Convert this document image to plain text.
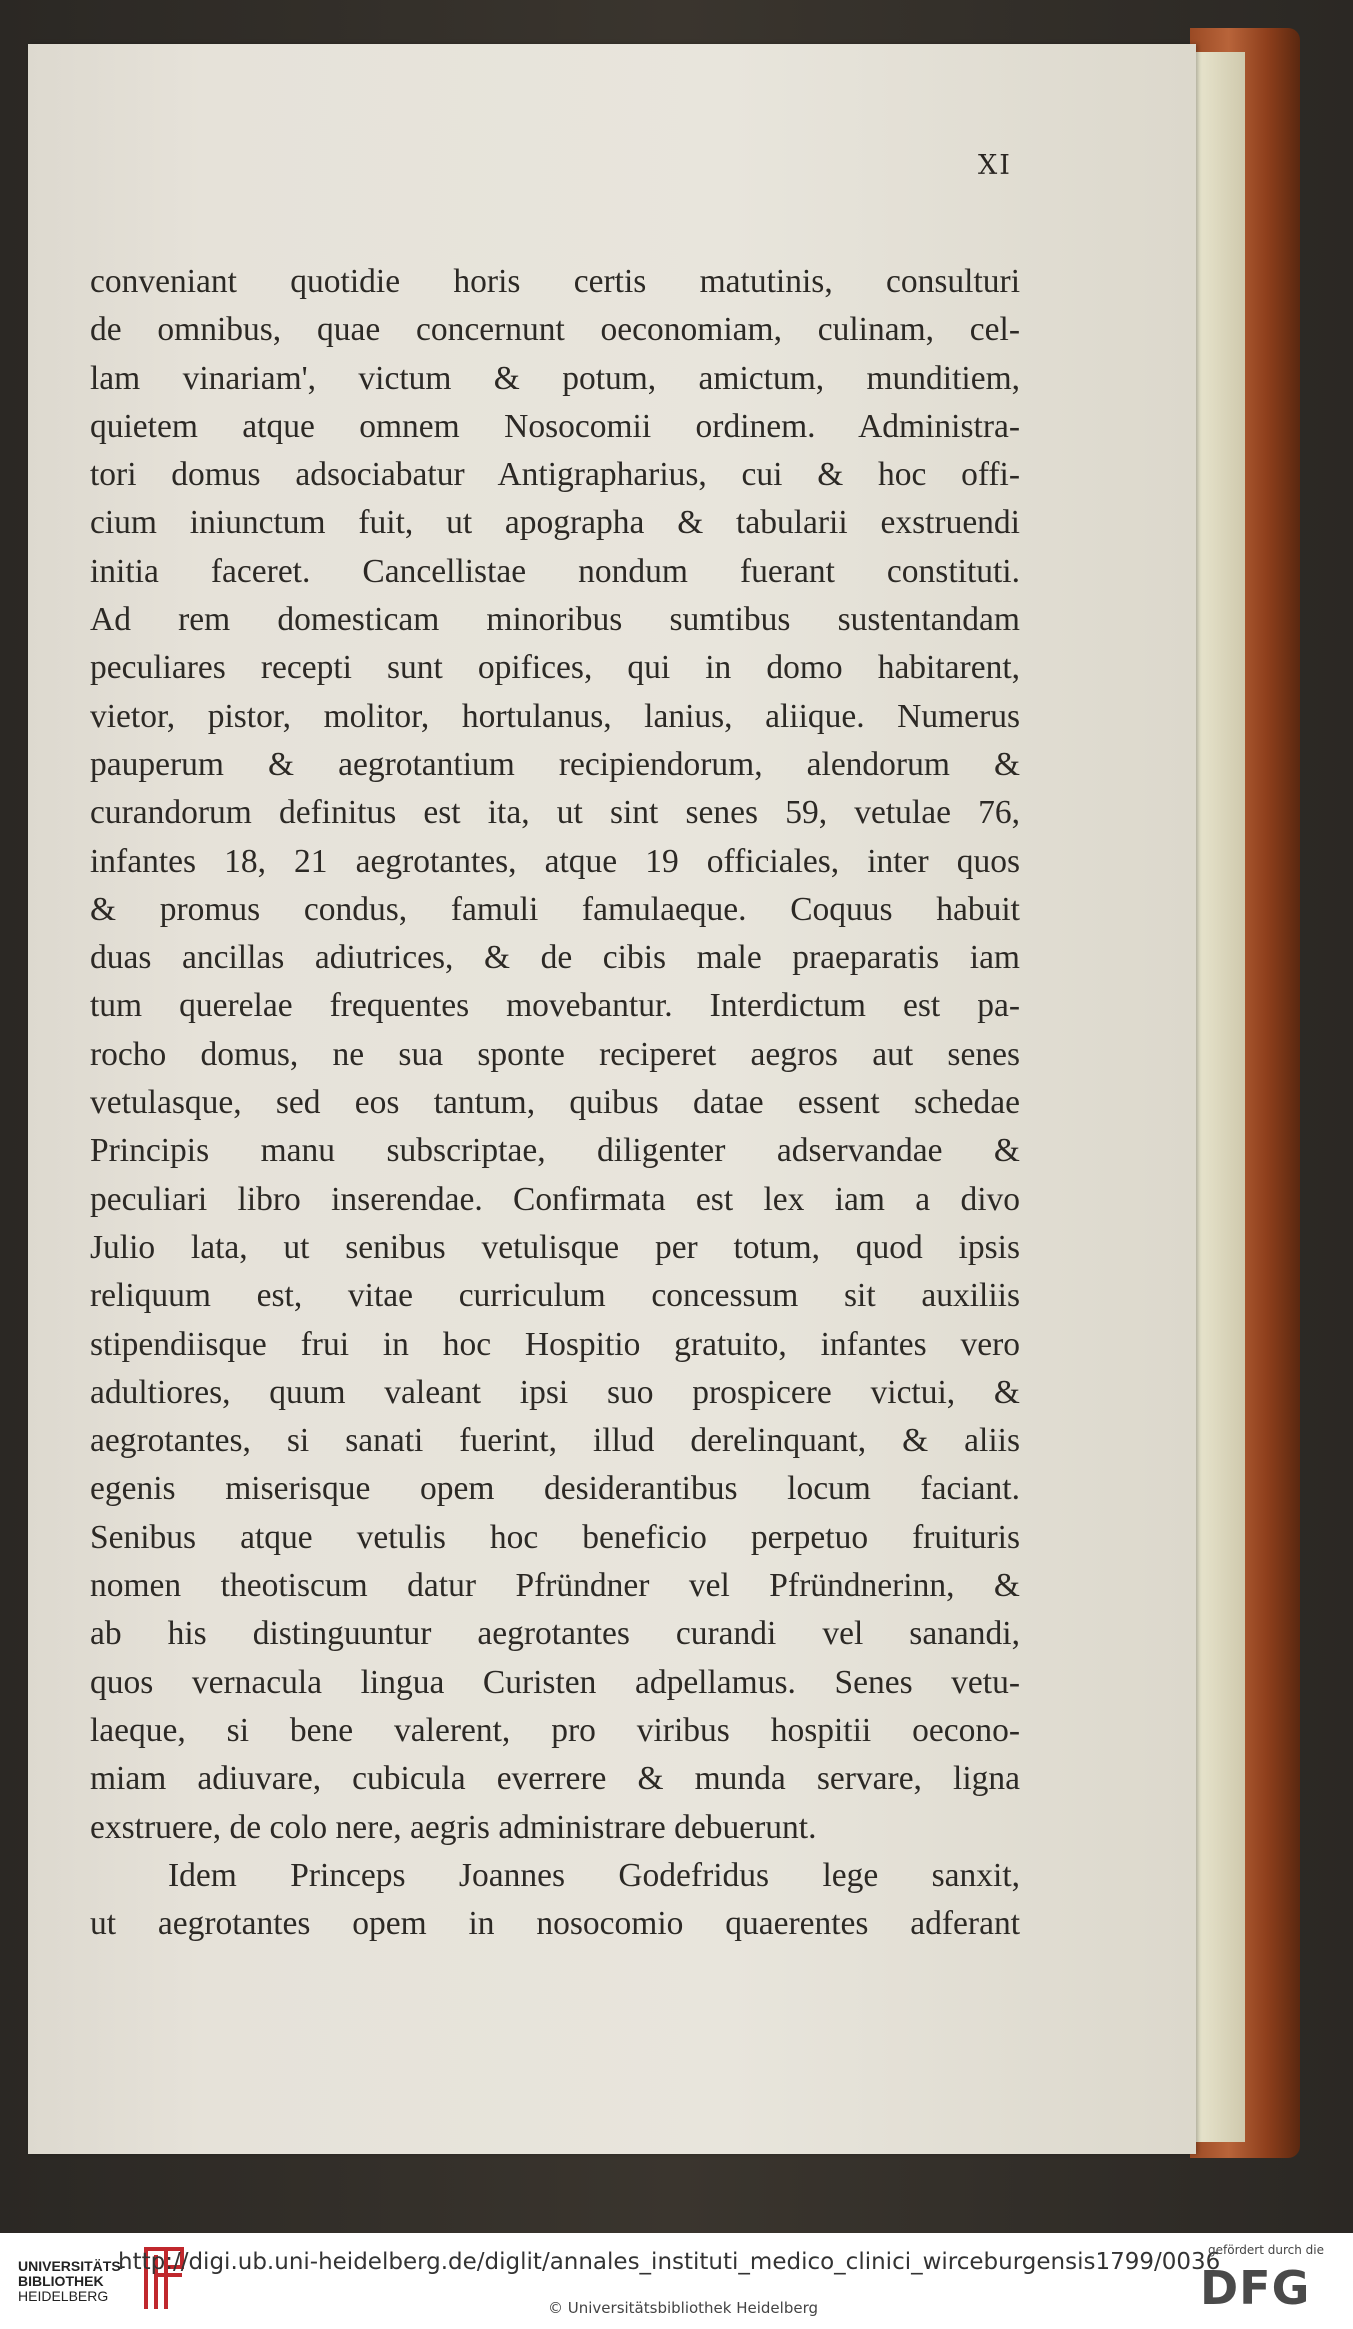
XI
conveniant quotidie horis certis matutinis, consulturi
de omnibus, quae concernunt oeconomiam, culinam, cel-
lam vinariam', victum & potum, amictum, munditiem,
quietem atque omnem Nosocomii ordinem. Administra-
tori domus adsociabatur Antigrapharius, cui & hoc offi-
cium iniunctum fuit, ut apographa & tabularii exstruendi
initia faceret. Cancellistae nondum fuerant constituti.
Ad rem domesticam minoribus sumtibus sustentandam
peculiares recepti sunt opifices, qui in domo habitarent,
vietor, pistor, molitor, hortulanus, lanius, aliique. Numerus
pauperum & aegrotantium recipiendorum, alendorum &
curandorum definitus est ita, ut sint senes 59, vetulae 76,
infantes 18, 21 aegrotantes, atque 19 officiales, inter quos
& promus condus, famuli famulaeque. Coquus habuit
duas ancillas adiutrices, & de cibis male praeparatis iam
tum querelae frequentes movebantur. Interdictum est pa-
rocho domus, ne sua sponte reciperet aegros aut senes
vetulasque, sed eos tantum, quibus datae essent schedae
Principis manu subscriptae, diligenter adservandae &
peculiari libro inserendae. Confirmata est lex iam a divo
Julio lata, ut senibus vetulisque per totum, quod ipsis
reliquum est, vitae curriculum concessum sit auxiliis
stipendiisque frui in hoc Hospitio gratuito, infantes vero
adultiores, quum valeant ipsi suo prospicere victui, &
aegrotantes, si sanati fuerint, illud derelinquant, & aliis
egenis miserisque opem desiderantibus locum faciant.
Senibus atque vetulis hoc beneficio perpetuo fruituris
nomen theotiscum datur Pfründner vel Pfründnerinn, &
ab his distinguuntur aegrotantes curandi vel sanandi,
quos vernacula lingua Curisten adpellamus. Senes vetu-
laeque, si bene valerent, pro viribus hospitii oecono-
miam adiuvare, cubicula everrere & munda servare, ligna
exstruere, de colo nere, aegris administrare debuerunt.
Idem Princeps Joannes Godefridus lege sanxit,
ut aegrotantes opem in nosocomio quaerentes adferant
UNIVERSITÄTS-
BIBLIOTHEK
HEIDELBERG
http://digi.ub.uni-heidelberg.de/diglit/annales_instituti_medico_clinici_wirceburgensis1799/0036
© Universitätsbibliothek Heidelberg
gefördert durch die
DFG
